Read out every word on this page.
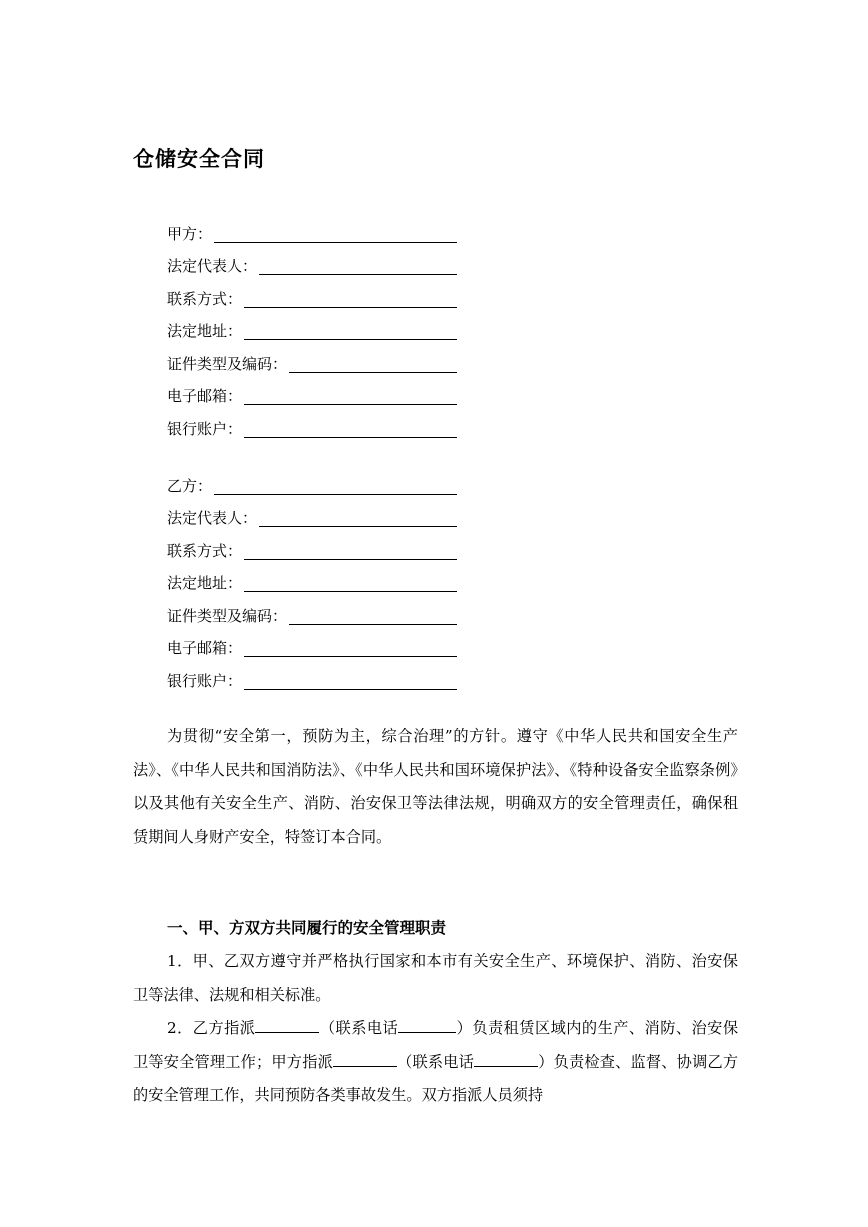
仓储安全合同
甲方：
法定代表人：
联系方式：
法定地址：
证件类型及编码：
电子邮箱：
银行账户：
乙方：
法定代表人：
联系方式：
法定地址：
证件类型及编码：
电子邮箱：
银行账户：

为贯彻“安全第一，预防为主，综合治理”的方针。遵守《中华人民共和国安全生产法》、《中华人民共和国消防法》、《中华人民共和国环境保护法》、《特种设备安全监察条例》以及其他有关安全生产、消防、治安保卫等法律法规，明确双方的安全管理责任，确保租赁期间人身财产安全，特签订本合同。

一、甲、方双方共同履行的安全管理职责

1．甲、乙双方遵守并严格执行国家和本市有关安全生产、环境保护、消防、治安保卫等法律、法规和相关标准。

2．乙方指派	（联系电话	）负责租赁区域内的生产、消防、治安保卫等安全管理工作；甲方指派	（联系电话	）负责检查、监督、协调乙方的安全管理工作，共同预防各类事故发生。双方指派人员须持
